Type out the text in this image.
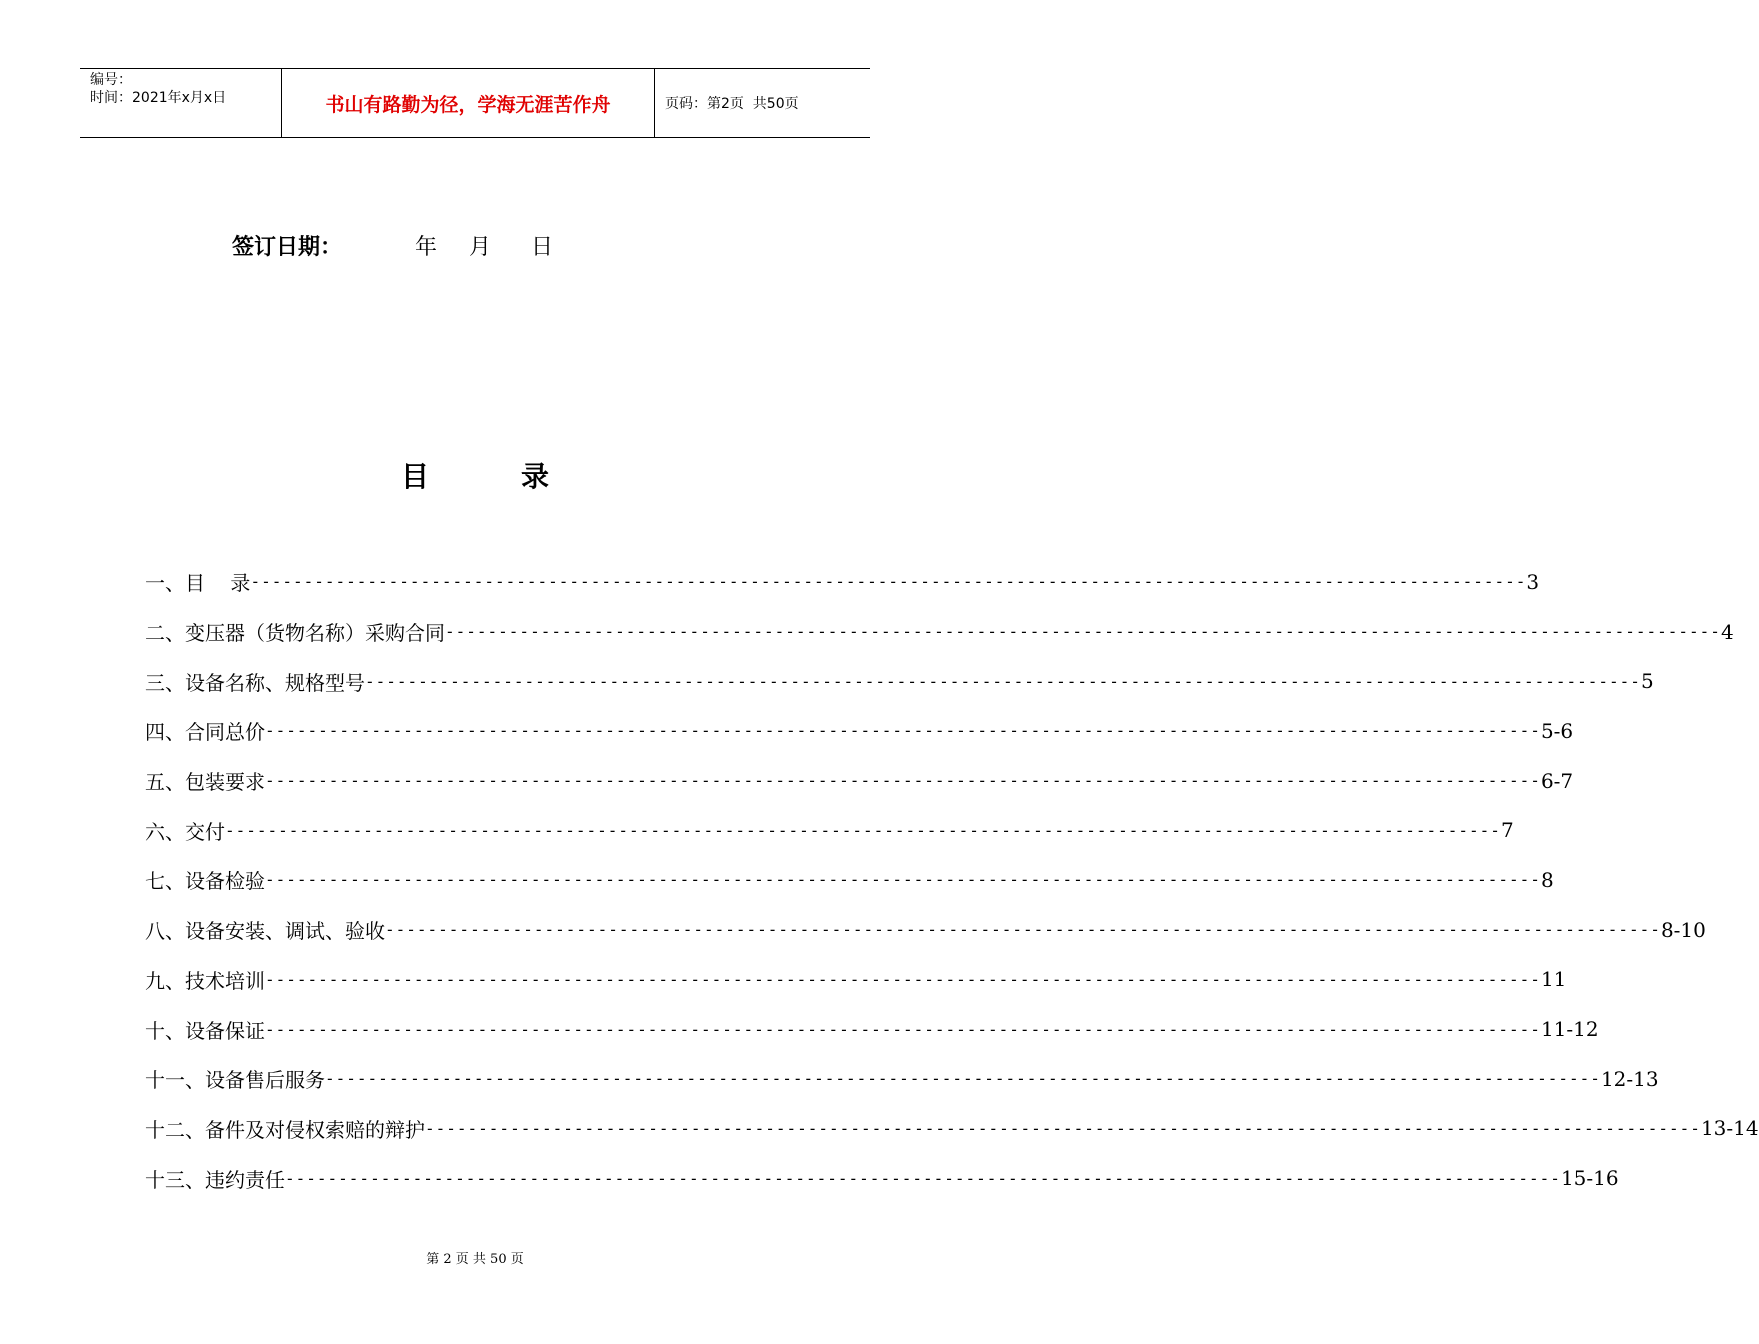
编号：
时间：2021年x月x日	书山有路勤为径，学海无涯苦作舟	页码：第2页  共50页
签订日期：	年 月 日
目	录
一、目    录 ------------------------------------------------------------------------------------------------------------------------ 3
二、变压器（货物名称）采购合同 ------------------------------------------------------------------------------------------------------------------------ 4
三、设备名称、规格型号 ------------------------------------------------------------------------------------------------------------------------ 5
四、合同总价 ------------------------------------------------------------------------------------------------------------------------ 5-6
五、包装要求 ------------------------------------------------------------------------------------------------------------------------ 6-7
六、交付 ------------------------------------------------------------------------------------------------------------------------ 7
七、设备检验 ------------------------------------------------------------------------------------------------------------------------ 8
八、设备安装、调试、验收 ------------------------------------------------------------------------------------------------------------------------ 8-10
九、技术培训 ------------------------------------------------------------------------------------------------------------------------ 11
十、设备保证 ------------------------------------------------------------------------------------------------------------------------ 11-12
十一、设备售后服务 ------------------------------------------------------------------------------------------------------------------------ 12-13
十二、备件及对侵权索赔的辩护 ------------------------------------------------------------------------------------------------------------------------ 13-14
十三、违约责任 ------------------------------------------------------------------------------------------------------------------------ 15-16
第 2 页 共 50 页
